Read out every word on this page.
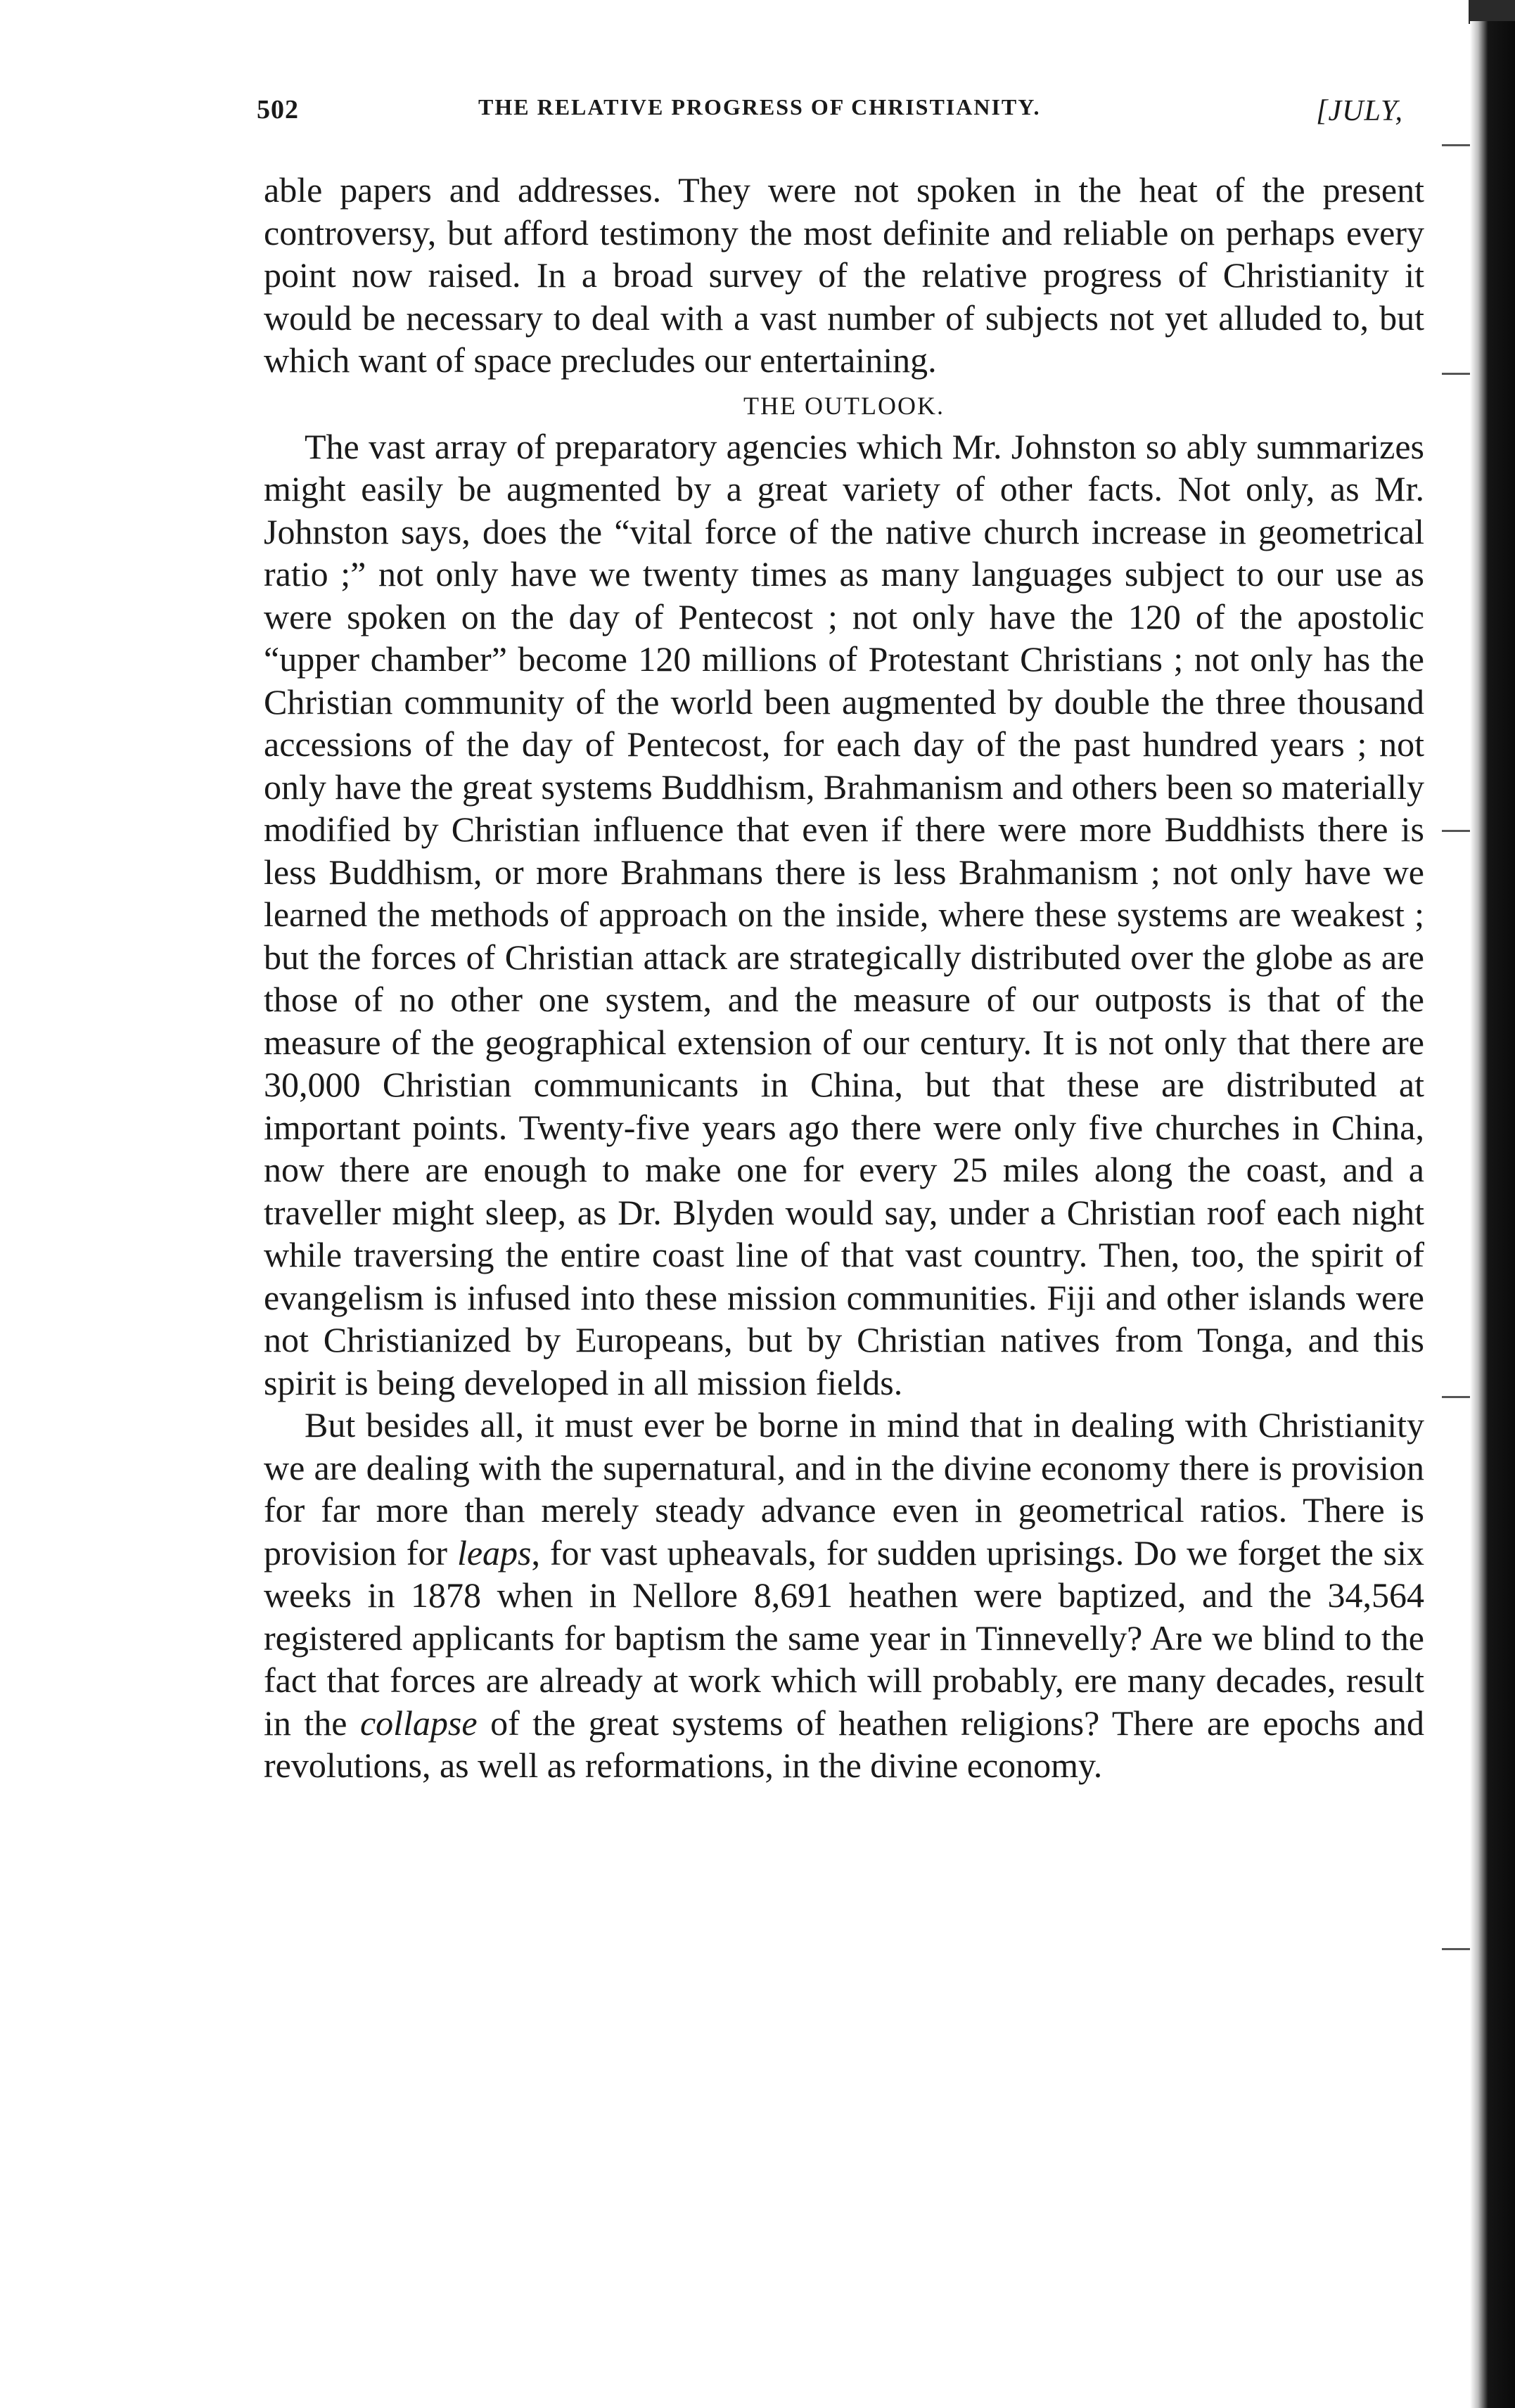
502	THE RELATIVE PROGRESS OF CHRISTIANITY.	[JULY,

able papers and addresses. They were not spoken in the heat of the present controversy, but afford testimony the most definite and reliable on perhaps every point now raised. In a broad survey of the relative progress of Christianity it would be necessary to deal with a vast number of subjects not yet alluded to, but which want of space precludes our entertaining.

THE OUTLOOK.

The vast array of preparatory agencies which Mr. Johnston so ably summarizes might easily be augmented by a great variety of other facts. Not only, as Mr. Johnston says, does the “vital force of the native church increase in geometrical ratio ;” not only have we twenty times as many languages subject to our use as were spoken on the day of Pentecost ; not only have the 120 of the apostolic “upper chamber” become 120 millions of Protestant Christians ; not only has the Christian community of the world been augmented by double the three thousand accessions of the day of Pentecost, for each day of the past hundred years ; not only have the great systems Buddhism, Brahmanism and others been so materially modified by Christian influence that even if there were more Buddhists there is less Buddhism, or more Brahmans there is less Brahmanism ; not only have we learned the methods of approach on the inside, where these systems are weakest ; but the forces of Christian attack are strategically distributed over the globe as are those of no other one system, and the measure of our outposts is that of the measure of the geographical extension of our century. It is not only that there are 30,000 Christian communicants in China, but that these are distributed at important points. Twenty-five years ago there were only five churches in China, now there are enough to make one for every 25 miles along the coast, and a traveller might sleep, as Dr. Blyden would say, under a Christian roof each night while traversing the entire coast line of that vast country. Then, too, the spirit of evangelism is infused into these mission communities. Fiji and other islands were not Christianized by Europeans, but by Christian natives from Tonga, and this spirit is being developed in all mission fields.

But besides all, it must ever be borne in mind that in dealing with Christianity we are dealing with the supernatural, and in the divine economy there is provision for far more than merely steady advance even in geometrical ratios. There is provision for leaps, for vast upheavals, for sudden uprisings. Do we forget the six weeks in 1878 when in Nellore 8,691 heathen were baptized, and the 34,564 registered applicants for baptism the same year in Tinnevelly? Are we blind to the fact that forces are already at work which will probably, ere many decades, result in the collapse of the great systems of heathen religions? There are epochs and revolutions, as well as reformations, in the divine economy.
